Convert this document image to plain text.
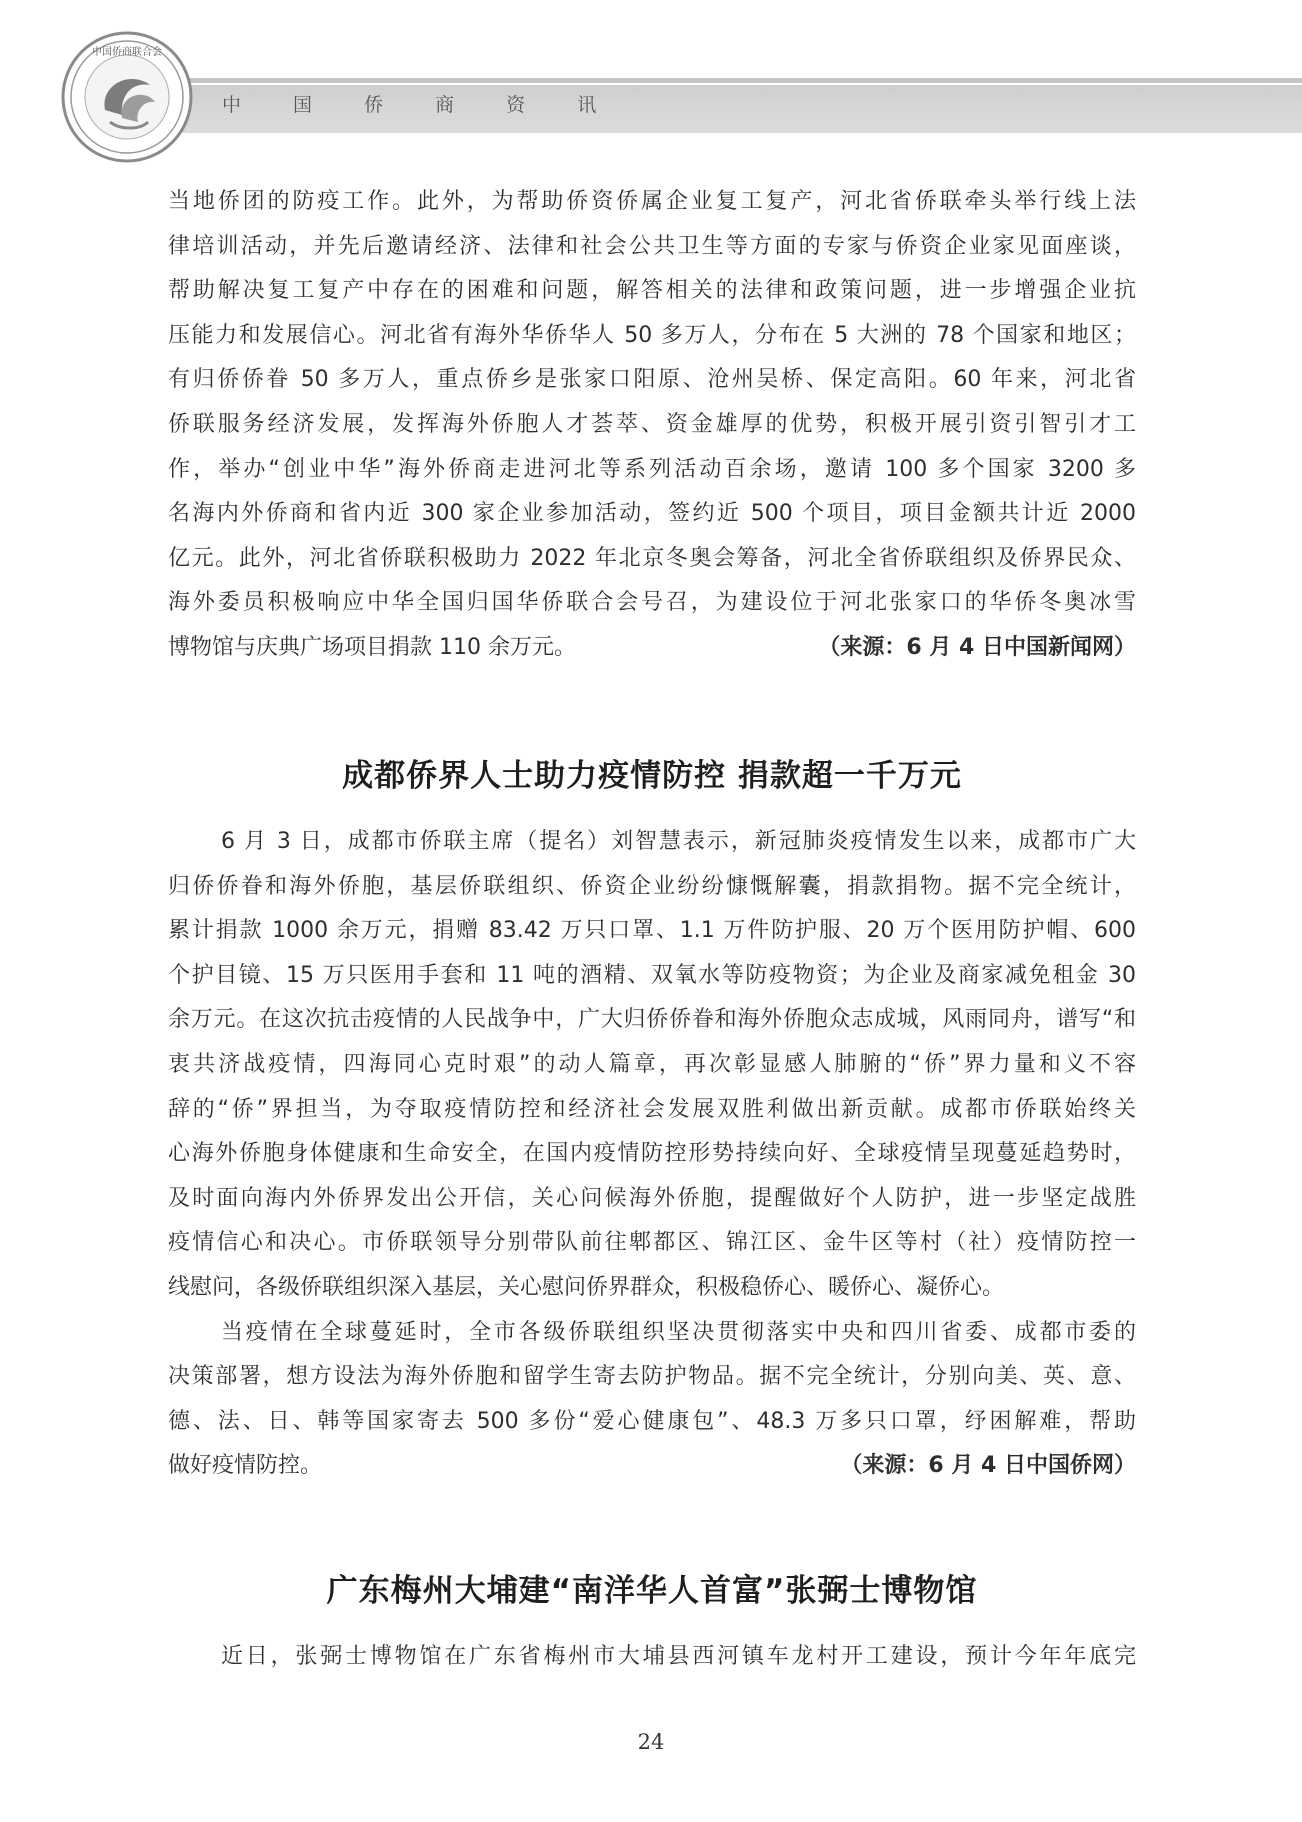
中 国 侨 商 资 讯
中国侨商联合会
当地侨团的防疫工作。此外，为帮助侨资侨属企业复工复产，河北省侨联牵头举行线上法
律培训活动，并先后邀请经济、法律和社会公共卫生等方面的专家与侨资企业家见面座谈，
帮助解决复工复产中存在的困难和问题，解答相关的法律和政策问题，进一步增强企业抗
压能力和发展信心。河北省有海外华侨华人 50 多万人，分布在 5 大洲的 78 个国家和地区；
有归侨侨眷 50 多万人，重点侨乡是张家口阳原、沧州吴桥、保定高阳。60 年来，河北省
侨联服务经济发展，发挥海外侨胞人才荟萃、资金雄厚的优势，积极开展引资引智引才工
作，举办“创业中华”海外侨商走进河北等系列活动百余场，邀请 100 多个国家 3200 多
名海内外侨商和省内近 300 家企业参加活动，签约近 500 个项目，项目金额共计近 2000
亿元。此外，河北省侨联积极助力 2022 年北京冬奥会筹备，河北全省侨联组织及侨界民众、
海外委员积极响应中华全国归国华侨联合会号召，为建设位于河北张家口的华侨冬奥冰雪
博物馆与庆典广场项目捐款 110 余万元。	（来源：6 月 4 日中国新闻网）
成都侨界人士助力疫情防控 捐款超一千万元
6 月 3 日，成都市侨联主席（提名）刘智慧表示，新冠肺炎疫情发生以来，成都市广大
归侨侨眷和海外侨胞，基层侨联组织、侨资企业纷纷慷慨解囊，捐款捐物。据不完全统计，
累计捐款 1000 余万元，捐赠 83.42 万只口罩、1.1 万件防护服、20 万个医用防护帽、600
个护目镜、15 万只医用手套和 11 吨的酒精、双氧水等防疫物资；为企业及商家减免租金 30
余万元。在这次抗击疫情的人民战争中，广大归侨侨眷和海外侨胞众志成城，风雨同舟，谱写“和
衷共济战疫情，四海同心克时艰”的动人篇章，再次彰显感人肺腑的“侨”界力量和义不容
辞的“侨”界担当，为夺取疫情防控和经济社会发展双胜利做出新贡献。成都市侨联始终关
心海外侨胞身体健康和生命安全，在国内疫情防控形势持续向好、全球疫情呈现蔓延趋势时，
及时面向海内外侨界发出公开信，关心问候海外侨胞，提醒做好个人防护，进一步坚定战胜
疫情信心和决心。市侨联领导分别带队前往郫都区、锦江区、金牛区等村（社）疫情防控一
线慰问，各级侨联组织深入基层，关心慰问侨界群众，积极稳侨心、暖侨心、凝侨心。
当疫情在全球蔓延时，全市各级侨联组织坚决贯彻落实中央和四川省委、成都市委的
决策部署，想方设法为海外侨胞和留学生寄去防护物品。据不完全统计，分别向美、英、意、
德、法、日、韩等国家寄去 500 多份“爱心健康包”、48.3 万多只口罩，纾困解难，帮助
做好疫情防控。	（来源：6 月 4 日中国侨网）
广东梅州大埔建“南洋华人首富”张弼士博物馆
近日，张弼士博物馆在广东省梅州市大埔县西河镇车龙村开工建设，预计今年年底完
24
